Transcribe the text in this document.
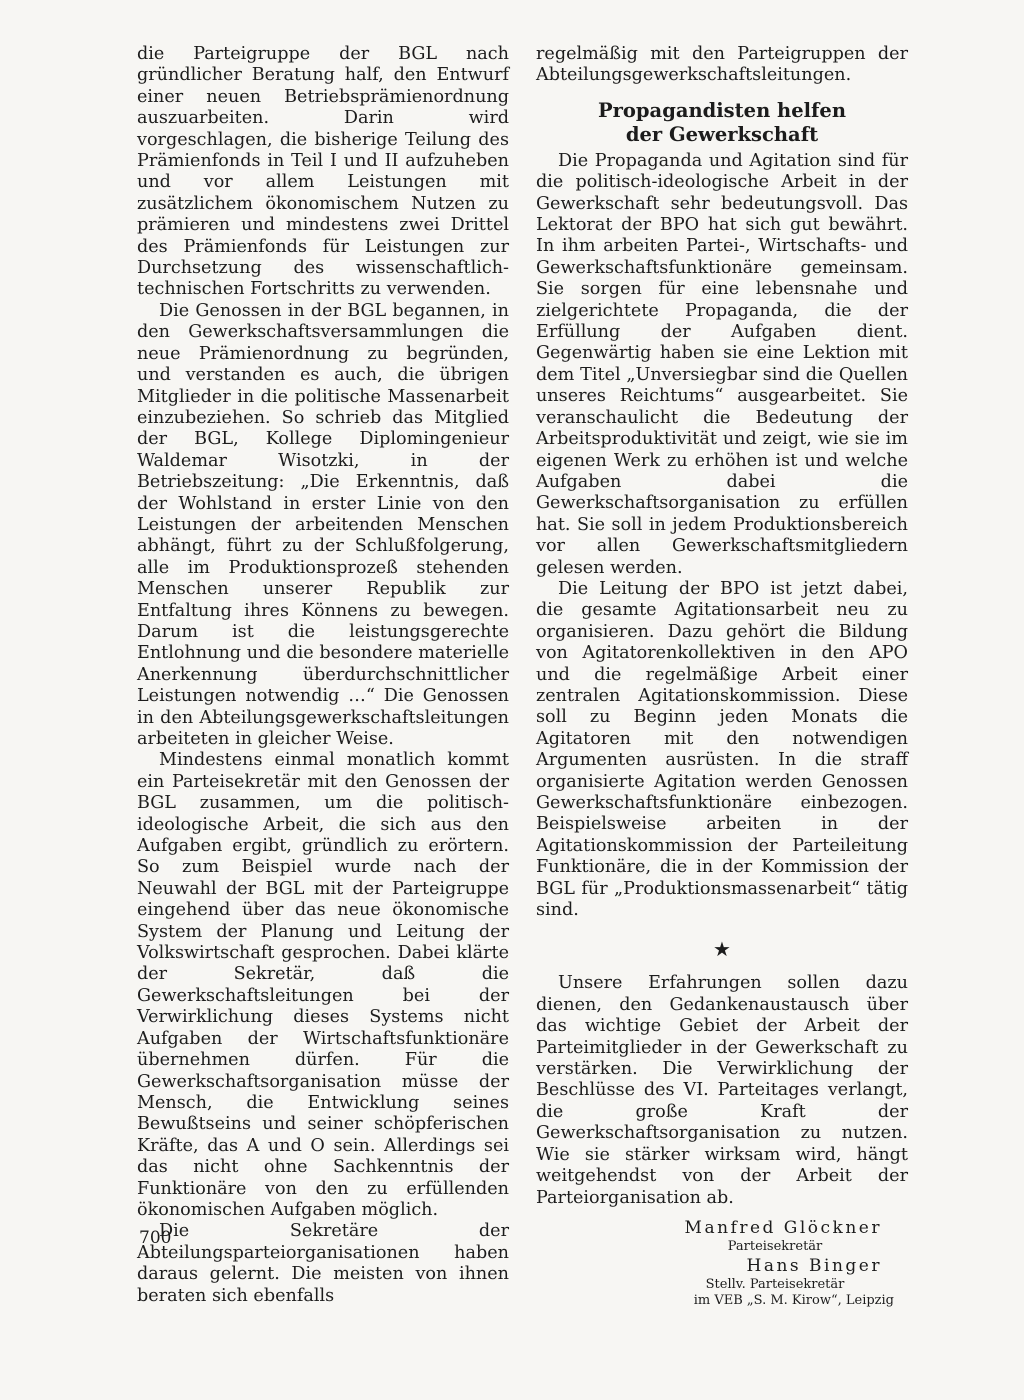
die Parteigruppe der BGL nach gründlicher Beratung half, den Entwurf einer neuen Betriebsprämienordnung auszuarbeiten. Darin wird vorgeschlagen, die bisherige Teilung des Prämienfonds in Teil I und II aufzuheben und vor allem Leistungen mit zusätzlichem ökonomischem Nutzen zu prämieren und mindestens zwei Drittel des Prämienfonds für Leistungen zur Durchsetzung des wissenschaftlich-technischen Fortschritts zu verwenden.

Die Genossen in der BGL begannen, in den Gewerkschaftsversammlungen die neue Prämienordnung zu begründen, und verstanden es auch, die übrigen Mitglieder in die politische Massenarbeit einzubeziehen. So schrieb das Mitglied der BGL, Kollege Diplomingenieur Waldemar Wisotzki, in der Betriebszeitung: „Die Erkenntnis, daß der Wohlstand in erster Linie von den Leistungen der arbeitenden Menschen abhängt, führt zu der Schlußfolgerung, alle im Produktionsprozeß stehenden Menschen unserer Republik zur Entfaltung ihres Könnens zu bewegen. Darum ist die leistungsgerechte Entlohnung und die besondere materielle Anerkennung überdurchschnittlicher Leistungen notwendig …“ Die Genossen in den Abteilungsgewerkschaftsleitungen arbeiteten in gleicher Weise.

Mindestens einmal monatlich kommt ein Parteisekretär mit den Genossen der BGL zusammen, um die politisch-ideologische Arbeit, die sich aus den Aufgaben ergibt, gründlich zu erörtern. So zum Beispiel wurde nach der Neuwahl der BGL mit der Parteigruppe eingehend über das neue ökonomische System der Planung und Leitung der Volkswirtschaft gesprochen. Dabei klärte der Sekretär, daß die Gewerkschaftsleitungen bei der Verwirklichung dieses Systems nicht Aufgaben der Wirtschaftsfunktionäre übernehmen dürfen. Für die Gewerkschaftsorganisation müsse der Mensch, die Entwicklung seines Bewußtseins und seiner schöpferischen Kräfte, das A und O sein. Allerdings sei das nicht ohne Sachkenntnis der Funktionäre von den zu erfüllenden ökonomischen Aufgaben möglich.

Die Sekretäre der Abteilungsparteiorganisationen haben daraus gelernt. Die meisten von ihnen beraten sich ebenfalls

regelmäßig mit den Parteigruppen der Abteilungsgewerkschaftsleitungen.

Propagandisten helfen
der Gewerkschaft

Die Propaganda und Agitation sind für die politisch-ideologische Arbeit in der Gewerkschaft sehr bedeutungsvoll. Das Lektorat der BPO hat sich gut bewährt. In ihm arbeiten Partei-, Wirtschafts- und Gewerkschaftsfunktionäre gemeinsam. Sie sorgen für eine lebensnahe und zielgerichtete Propaganda, die der Erfüllung der Aufgaben dient. Gegenwärtig haben sie eine Lektion mit dem Titel „Unversiegbar sind die Quellen unseres Reichtums“ ausgearbeitet. Sie veranschaulicht die Bedeutung der Arbeitsproduktivität und zeigt, wie sie im eigenen Werk zu erhöhen ist und welche Aufgaben dabei die Gewerkschaftsorganisation zu erfüllen hat. Sie soll in jedem Produktionsbereich vor allen Gewerkschaftsmitgliedern gelesen werden.

Die Leitung der BPO ist jetzt dabei, die gesamte Agitationsarbeit neu zu organisieren. Dazu gehört die Bildung von Agitatorenkollektiven in den APO und die regelmäßige Arbeit einer zentralen Agitationskommission. Diese soll zu Beginn jeden Monats die Agitatoren mit den notwendigen Argumenten ausrüsten. In die straff organisierte Agitation werden Genossen Gewerkschaftsfunktionäre einbezogen. Beispielsweise arbeiten in der Agitationskommission der Parteileitung Funktionäre, die in der Kommission der BGL für „Produktionsmassenarbeit“ tätig sind.

★

Unsere Erfahrungen sollen dazu dienen, den Gedankenaustausch über das wichtige Gebiet der Arbeit der Parteimitglieder in der Gewerkschaft zu verstärken. Die Verwirklichung der Beschlüsse des VI. Parteitages verlangt, die große Kraft der Gewerkschaftsorganisation zu nutzen. Wie sie stärker wirksam wird, hängt weitgehendst von der Arbeit der Parteiorganisation ab.

Manfred Glöckner
Parteisekretär
Hans Binger
Stellv. Parteisekretär
im VEB „S. M. Kirow“, Leipzig
700
